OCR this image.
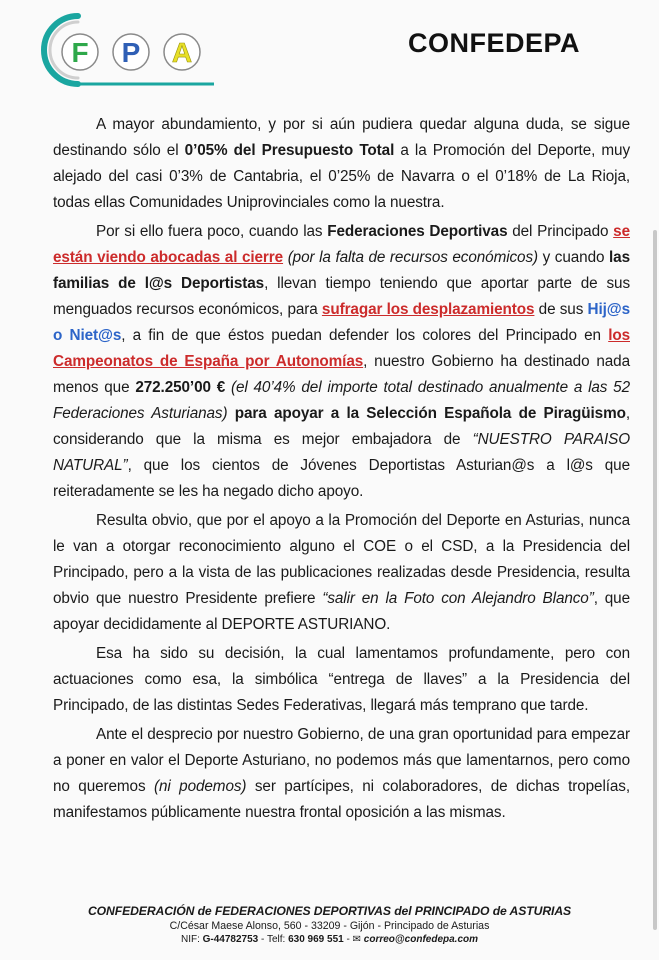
F P A	CONFEDEPA

A mayor abundamiento, y por si aún pudiera quedar alguna duda, se sigue destinando sólo el 0’05% del Presupuesto Total a la Promoción del Deporte, muy alejado del casi 0’3% de Cantabria, el 0’25% de Navarra o el 0’18% de La Rioja, todas ellas Comunidades Uniprovinciales como la nuestra.

Por si ello fuera poco, cuando las Federaciones Deportivas del Principado se están viendo abocadas al cierre (por la falta de recursos económicos) y cuando las familias de l@s Deportistas, llevan tiempo teniendo que aportar parte de sus menguados recursos económicos, para sufragar los desplazamientos de sus Hij@s o Niet@s, a fin de que éstos puedan defender los colores del Principado en los Campeonatos de España por Autonomías, nuestro Gobierno ha destinado nada menos que 272.250’00 € (el 40’4% del importe total destinado anualmente a las 52 Federaciones Asturianas) para apoyar a la Selección Española de Piragüismo, considerando que la misma es mejor embajadora de “NUESTRO PARAISO NATURAL”, que los cientos de Jóvenes Deportistas Asturian@s a l@s que reiteradamente se les ha negado dicho apoyo.

Resulta obvio, que por el apoyo a la Promoción del Deporte en Asturias, nunca le van a otorgar reconocimiento alguno el COE o el CSD, a la Presidencia del Principado, pero a la vista de las publicaciones realizadas desde Presidencia, resulta obvio que nuestro Presidente prefiere “salir en la Foto con Alejandro Blanco”, que apoyar decididamente al DEPORTE ASTURIANO.

Esa ha sido su decisión, la cual lamentamos profundamente, pero con actuaciones como esa, la simbólica “entrega de llaves” a la Presidencia del Principado, de las distintas Sedes Federativas, llegará más temprano que tarde.

Ante el desprecio por nuestro Gobierno, de una gran oportunidad para empezar a poner en valor el Deporte Asturiano, no podemos más que lamentarnos, pero como no queremos (ni podemos) ser partícipes, ni colaboradores, de dichas tropelías, manifestamos públicamente nuestra frontal oposición a las mismas.

CONFEDERACIÓN de FEDERACIONES DEPORTIVAS del PRINCIPADO de ASTURIAS
C/César Maese Alonso, 560 - 33209 - Gijón - Principado de Asturias
NIF: G-44782753 - Telf: 630 969 551 - ✉ correo@confedepa.com
